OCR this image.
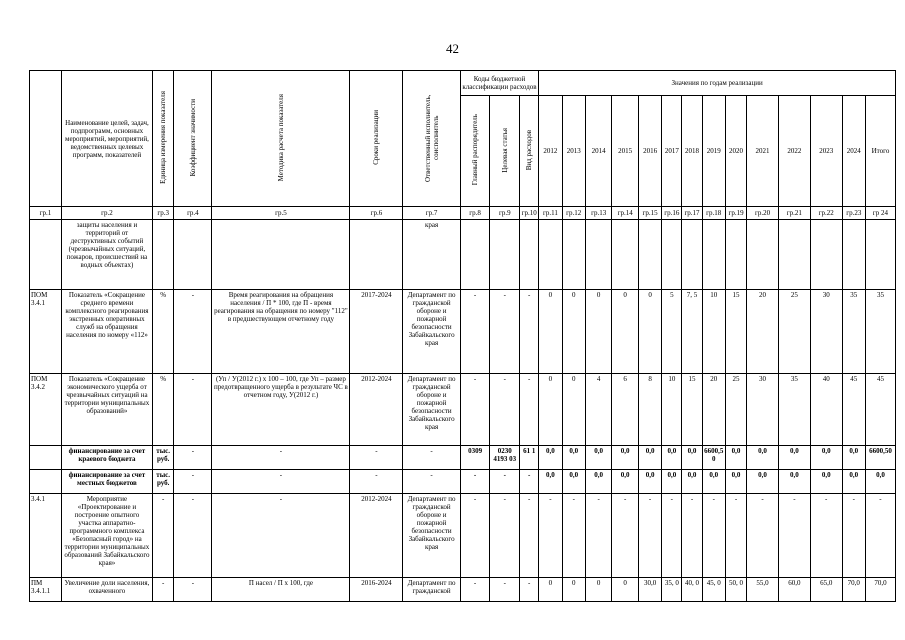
42
	Наименование целей, задач, подпрограмм, основных мероприятий, мероприятий, ведомственных целевых программ, показателей	Единица измерения показателя	Коэффициент значимости	Методика расчета показателя	Сроки реализации	Ответственный исполнитель, соисполнитель	Коды бюджетной классификации расходов			Значения по годам реализации													
							Главный распорядитель	Целевая статья	Вид расходов	2012	2013	2014	2015	2016	2017	2018	2019	2020	2021	2022	2023	2024	Итого
гр.1	гр.2	гр.3	гр.4	гр.5	гр.6	гр.7	гр.8	гр.9	гр.10	гр.11	гр.12	гр.13	гр.14	гр.15	гр.16	гр.17	гр.18	гр.19	гр.20	гр.21	гр.22	гр.23	гр 24
	защиты населения и территорий от деструктивных событий (чрезвычайных ситуаций, пожаров, происшествий на водных объектах)					края																	
ПОМ 3.4.1	Показатель «Сокращение среднего времени комплексного реагирования экстренных оперативных служб на обращения населения по номеру «112»	%	-	Время реагирования на обращения населения / П * 100, где П - время реагирования на обращения по номеру "112" в предшествующем отчетному году	2017-2024	Департамент по гражданской обороне и пожарной безопасности Забайкальского края	-	-	-	0	0	0	0	0	5	7, 5	10	15	20	25	30	35	35
ПОМ 3.4.2	Показатель «Сокращение экономического ущерба от чрезвычайных ситуаций на территории муниципальных образований»	%	-	(Уп / У(2012 г.) х 100 – 100, где Уп – размер предотвращенного ущерба в результате ЧС в отчетном году, У(2012 г.)	2012-2024	Департамент по гражданской обороне и пожарной безопасности Забайкальского края	-	-	-	0	0	4	6	8	10	15	20	25	30	35	40	45	45
	финансирование за счет краевого бюджета	тыс. руб.	-	-	-	-	0309	0230 4193 03	61 1	0,0	0,0	0,0	0,0	0,0	0,0	0,0	6600,5 0	0,0	0,0	0,0	0,0	0,0	6600,50
	финансирование за счет местных бюджетов	тыс. руб.	-	-	-	-	-	-	-	0,0	0,0	0,0	0,0	0,0	0,0	0,0	0,0	0,0	0,0	0,0	0,0	0,0	0,0
3.4.1	Мероприятие «Проектирование и построение опытного участка аппаратно-программного комплекса «Безопасный город» на территории муниципальных образований Забайкальского края»	-	-	-	2012-2024	Департамент по гражданской обороне и пожарной безопасности Забайкальского края	-	-	-	-	-	-	-	-	-	-	-	-	-	-	-	-	-
ПМ 3.4.1.1	Увеличение доли населения, охваченного	-	-	П насел / П х 100, где	2016-2024	Департамент по гражданской	-	-	-	0	0	0	0	30,0	35, 0	40, 0	45, 0	50, 0	55,0	60,0	65,0	70,0	70,0
